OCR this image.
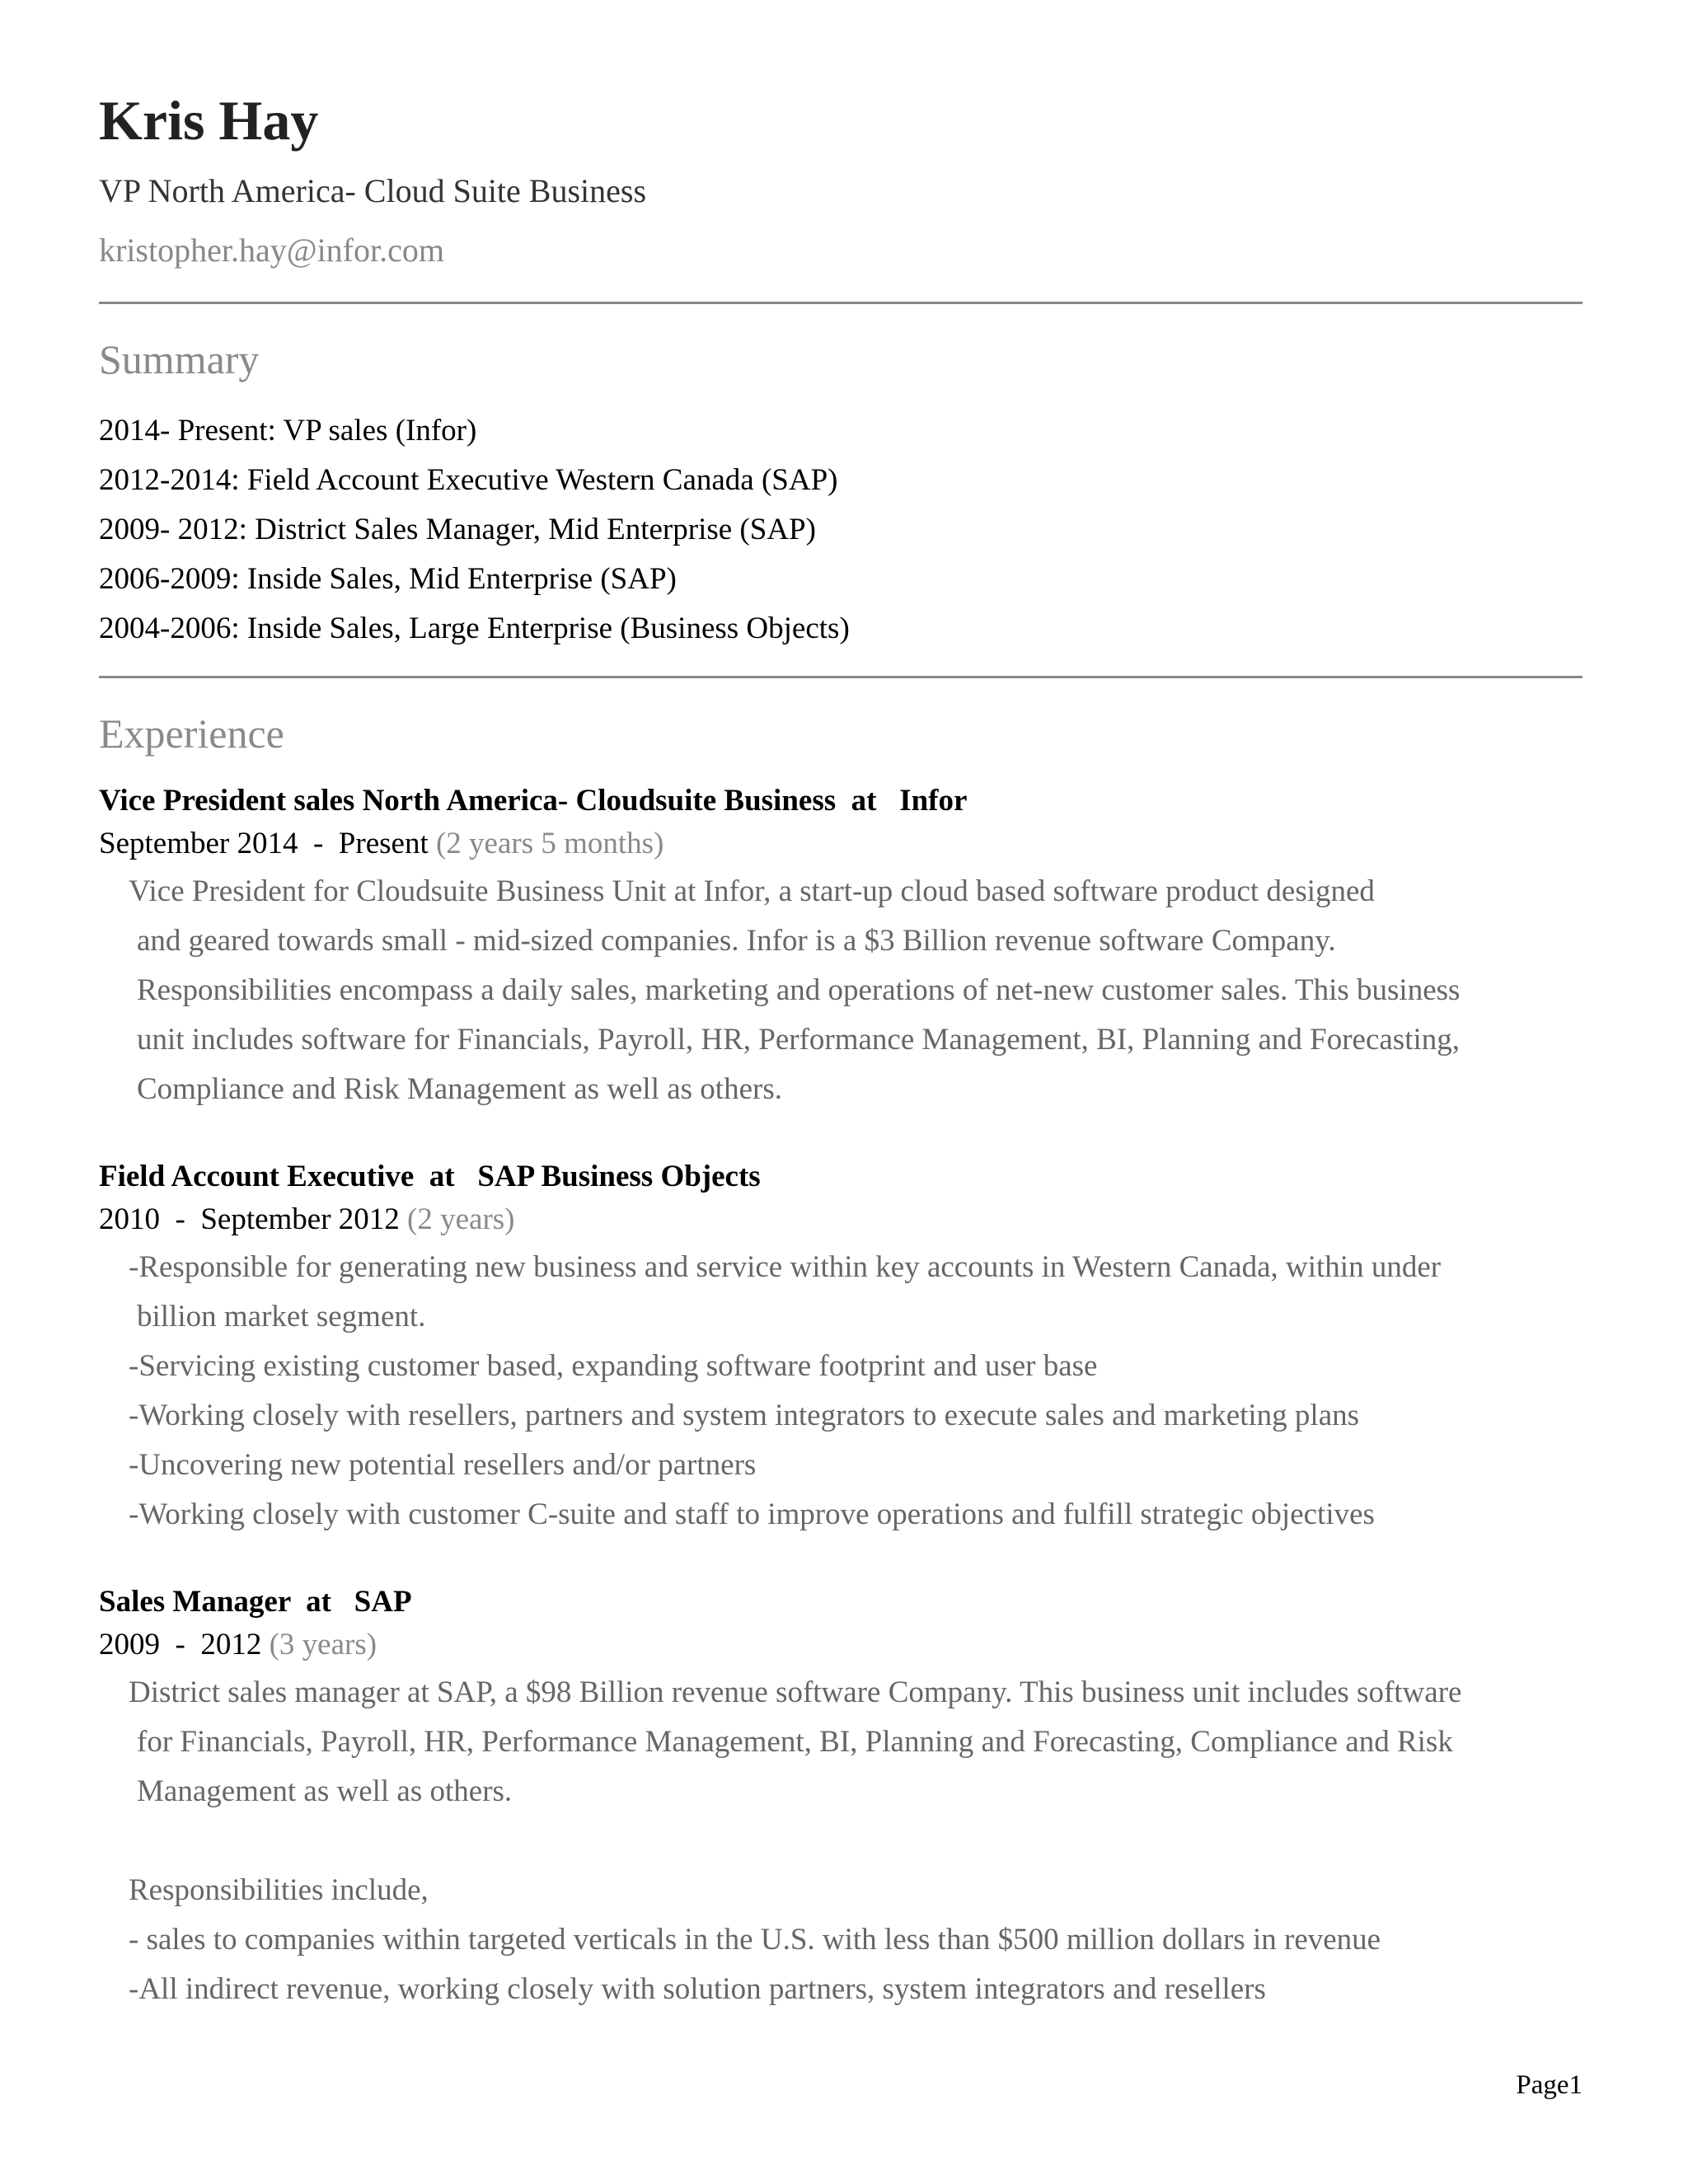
Kris Hay
VP North America- Cloud Suite Business
kristopher.hay@infor.com
Summary
2014- Present: VP sales (Infor)
2012-2014: Field Account Executive Western Canada (SAP)
2009- 2012: District Sales Manager, Mid Enterprise (SAP)
2006-2009: Inside Sales, Mid Enterprise (SAP)
2004-2006: Inside Sales, Large Enterprise (Business Objects)
Experience
Vice President sales North America- Cloudsuite Business  at   Infor
September 2014  -  Present (2 years 5 months)
Vice President for Cloudsuite Business Unit at Infor, a start-up cloud based software product designed
and geared towards small - mid-sized companies. Infor is a $3 Billion revenue software Company.
Responsibilities encompass a daily sales, marketing and operations of net-new customer sales. This business
unit includes software for Financials, Payroll, HR, Performance Management, BI, Planning and Forecasting,
Compliance and Risk Management as well as others.
Field Account Executive  at   SAP Business Objects
2010  -  September 2012 (2 years)
-Responsible for generating new business and service within key accounts in Western Canada, within under
billion market segment.
-Servicing existing customer based, expanding software footprint and user base
-Working closely with resellers, partners and system integrators to execute sales and marketing plans
-Uncovering new potential resellers and/or partners
-Working closely with customer C-suite and staff to improve operations and fulfill strategic objectives
Sales Manager  at   SAP
2009  -  2012 (3 years)
District sales manager at SAP, a $98 Billion revenue software Company. This business unit includes software
for Financials, Payroll, HR, Performance Management, BI, Planning and Forecasting, Compliance and Risk
Management as well as others.
Responsibilities include,
- sales to companies within targeted verticals in the U.S. with less than $500 million dollars in revenue
-All indirect revenue, working closely with solution partners, system integrators and resellers
Page1
